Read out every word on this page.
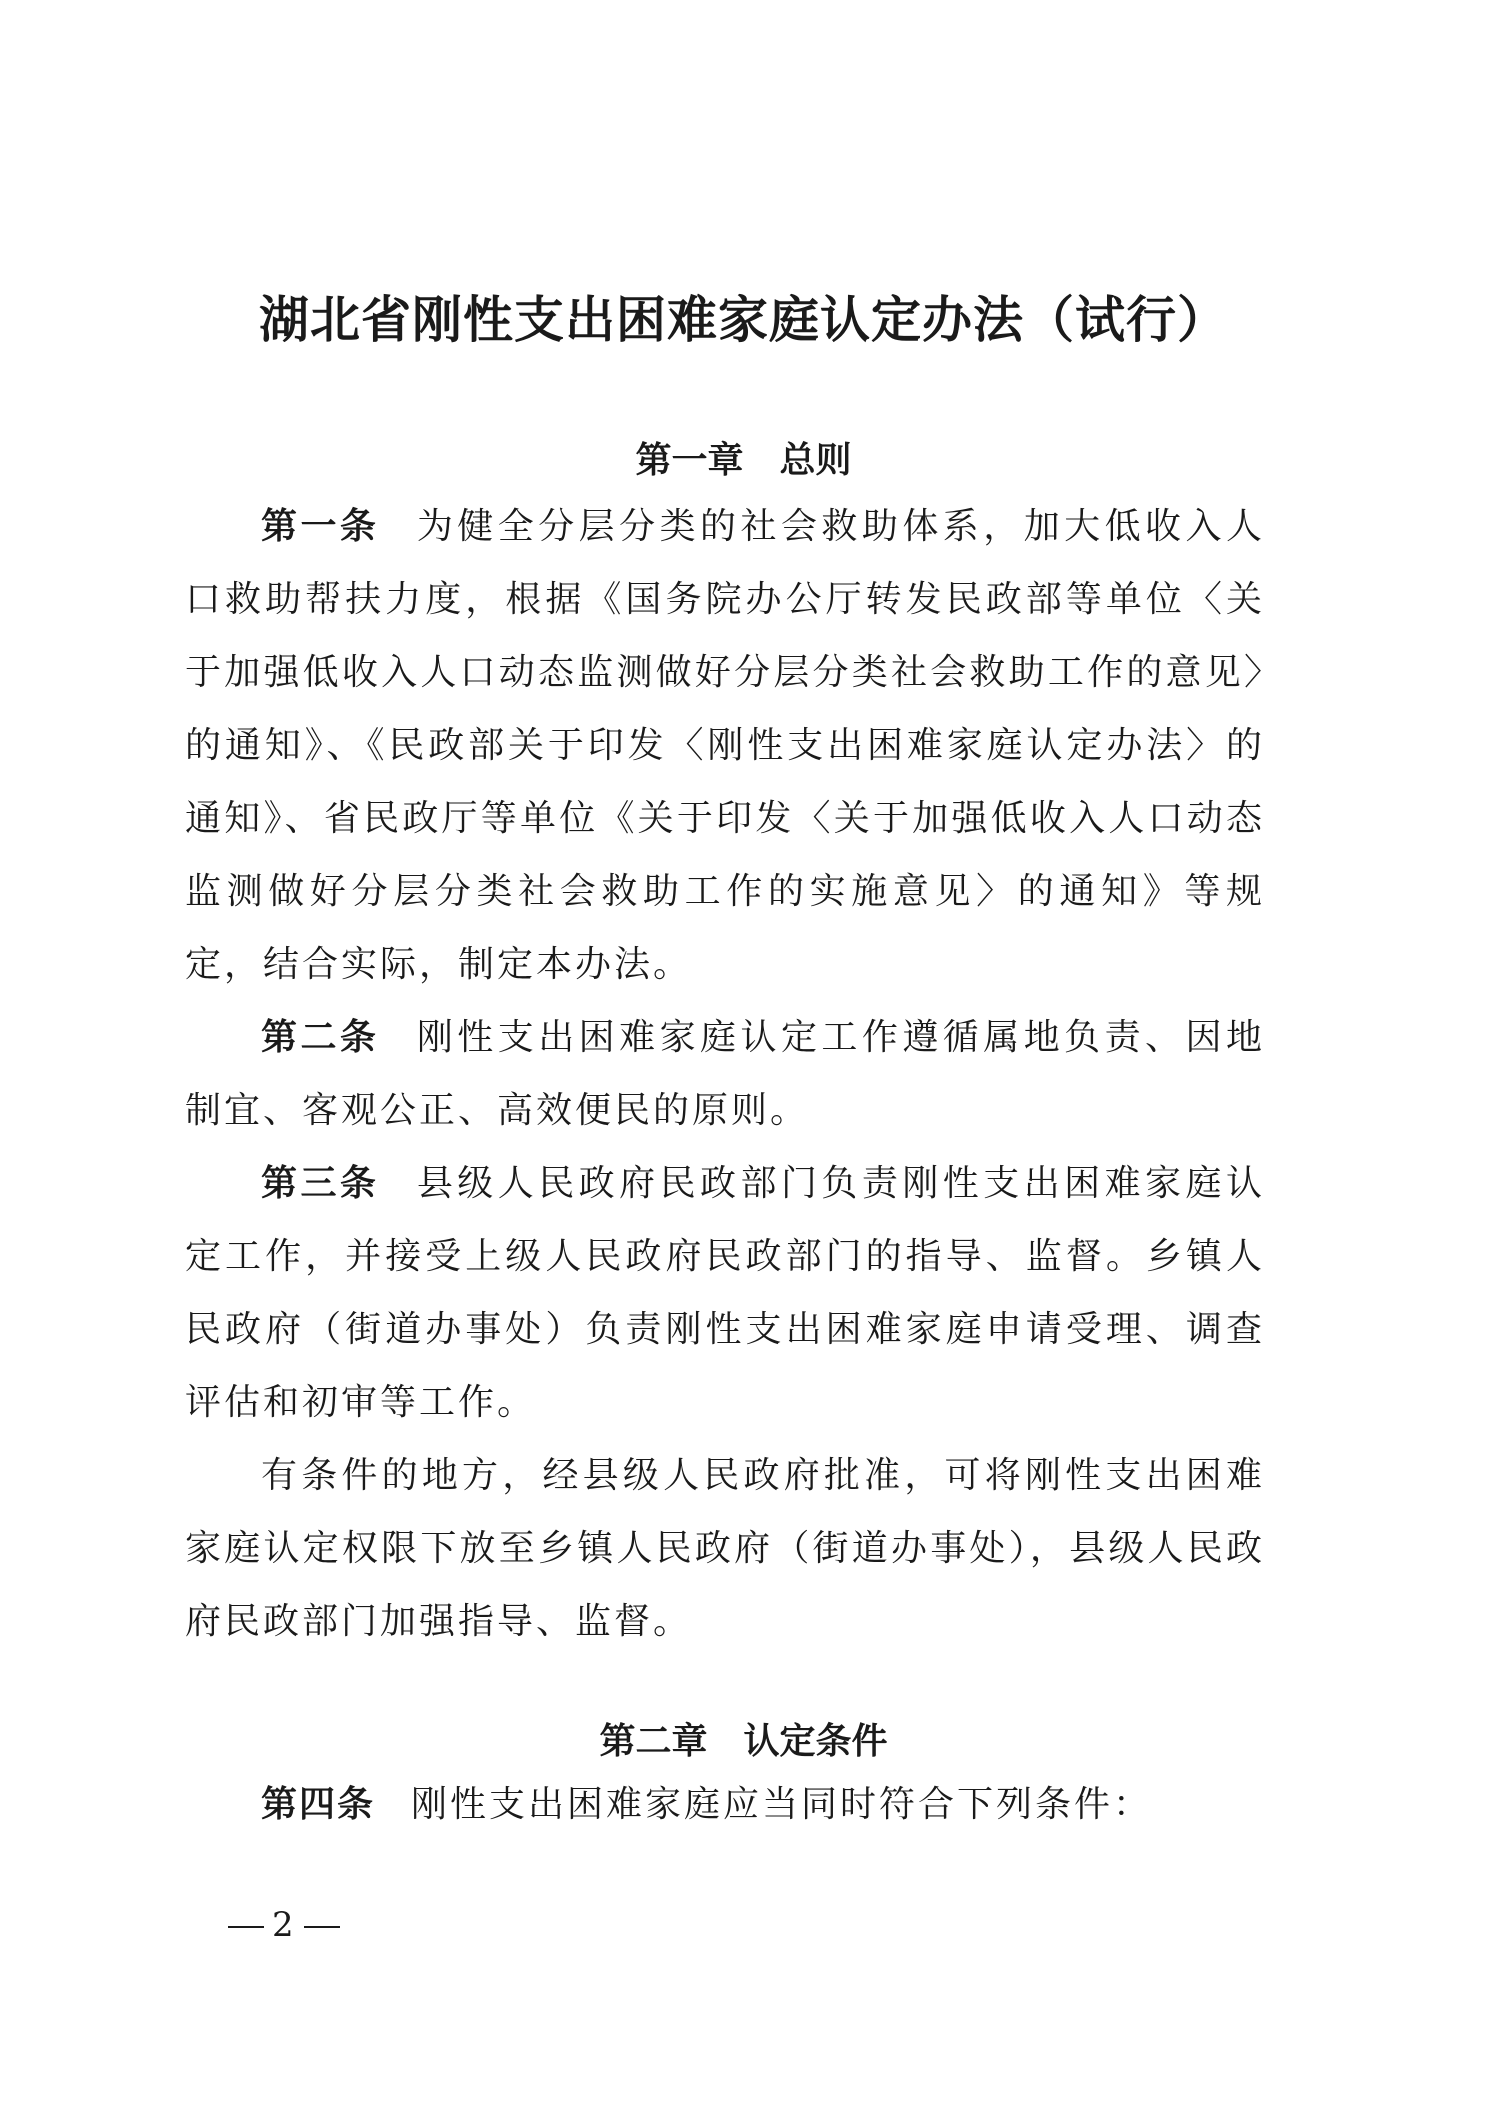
湖北省刚性支出困难家庭认定办法（试行）
第一章　总则

第一条 为健全分层分类的社会救助体系，加大低收入人口救助帮扶力度，根据《国务院办公厅转发民政部等单位〈关于加强低收入人口动态监测做好分层分类社会救助工作的意见〉的通知》、《民政部关于印发〈刚性支出困难家庭认定办法〉的通知》、省民政厅等单位《关于印发〈关于加强低收入人口动态监测做好分层分类社会救助工作的实施意见〉的通知》等规定，结合实际，制定本办法。

第二条 刚性支出困难家庭认定工作遵循属地负责、因地制宜、客观公正、高效便民的原则。

第三条 县级人民政府民政部门负责刚性支出困难家庭认定工作，并接受上级人民政府民政部门的指导、监督。乡镇人民政府（街道办事处）负责刚性支出困难家庭申请受理、调查评估和初审等工作。

有条件的地方，经县级人民政府批准，可将刚性支出困难家庭认定权限下放至乡镇人民政府（街道办事处），县级人民政府民政部门加强指导、监督。

第二章　认定条件

第四条 刚性支出困难家庭应当同时符合下列条件：

2
